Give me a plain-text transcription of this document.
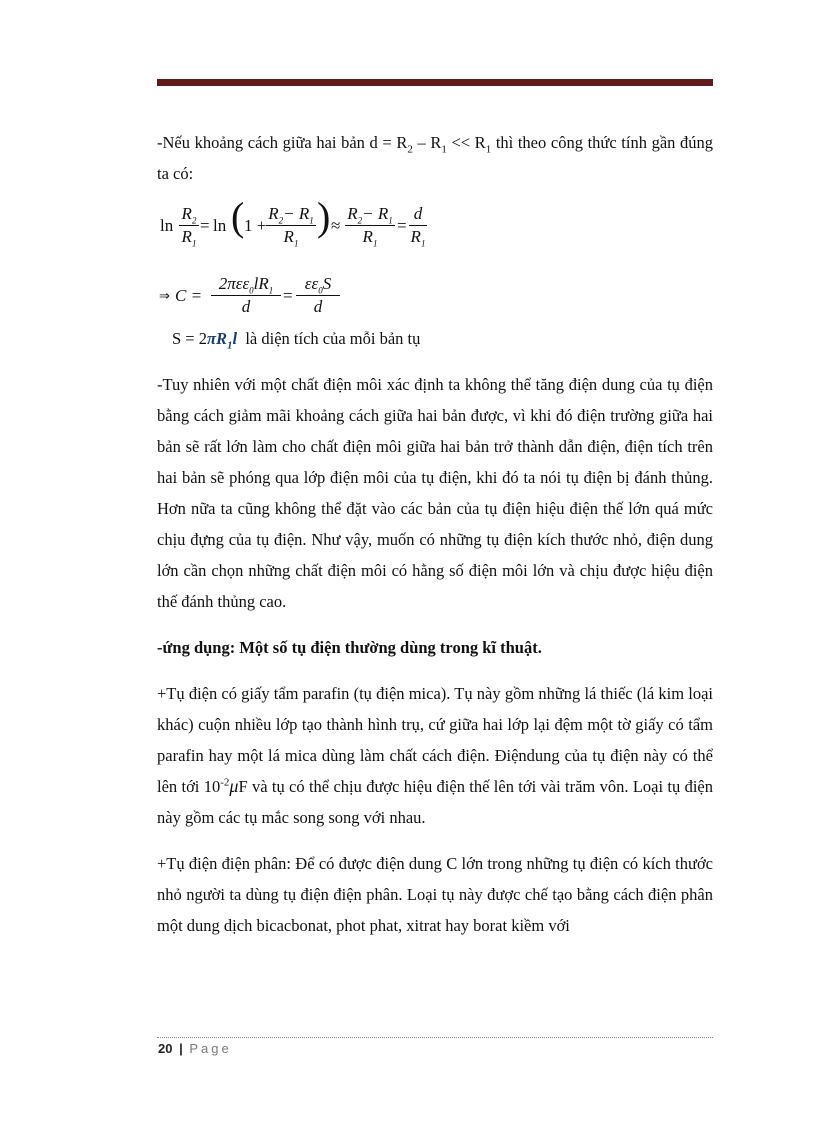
-Nếu khoảng cách giữa hai bản $d = R_2 - R_1 << R_1$ thì theo công thức tính gần đúng ta có:

$\ln \frac{R_2}{R_1} = \ln$ ( $1 + \frac{R_2- R_1}{R_1}$ ) ≈ $\frac{R_2- R_1}{R_1} = \frac{d}{R_1}$
⇒ C =
$2\pi\varepsilon\varepsilon_0lR_1$
d
= $\frac{\varepsilon\varepsilon_0S}{d}$

$S = 2\pi R_1l$  là diện tích của mỗi bản tụ

-Tuy nhiên với một chất điện môi xác định ta không thể tăng điện dung của tụ điện bằng cách giảm mãi khoảng cách giữa hai bản được, vì khi đó điện trường giữa hai bản sẽ rất lớn làm cho chất điện môi giữa hai bản trở thành dẫn điện, điện tích trên hai bản sẽ phóng qua lớp điện môi của tụ điện, khi đó ta nói tụ điện bị đánh thủng. Hơn nữa ta cũng không thể đặt vào các bản của tụ điện hiệu điện thế lớn quá mức chịu đựng của tụ điện. Như vậy, muốn có những tụ điện kích thước nhỏ, điện dung lớn cần chọn những chất điện môi có hằng số điện môi lớn và chịu được hiệu điện thế đánh thủng cao.

-ứng dụng: Một số tụ điện thường dùng trong kĩ thuật.

+Tụ điện có giấy tẩm parafin (tụ điện mica). Tụ này gồm những lá thiếc (lá kim loại khác) cuộn nhiều lớp tạo thành hình trụ, cứ giữa hai lớp lại đệm một tờ giấy có tẩm parafin hay một lá mica dùng làm chất cách điện. Điệndung của tụ điện này có thể lên tới $10^{-2}\mu F$ và tụ có thể chịu được hiệu điện thế lên tới vài trăm vôn. Loại tụ điện này gồm các tụ mắc song song với nhau.

+Tụ điện điện phân: Để có được điện dung C lớn trong những tụ điện có kích thước nhỏ người ta dùng tụ điện điện phân. Loại tụ này được chế tạo bằng cách điện phân một dung dịch bicacbonat, phot phat, xitrat hay borat kiềm với

20 | Page
